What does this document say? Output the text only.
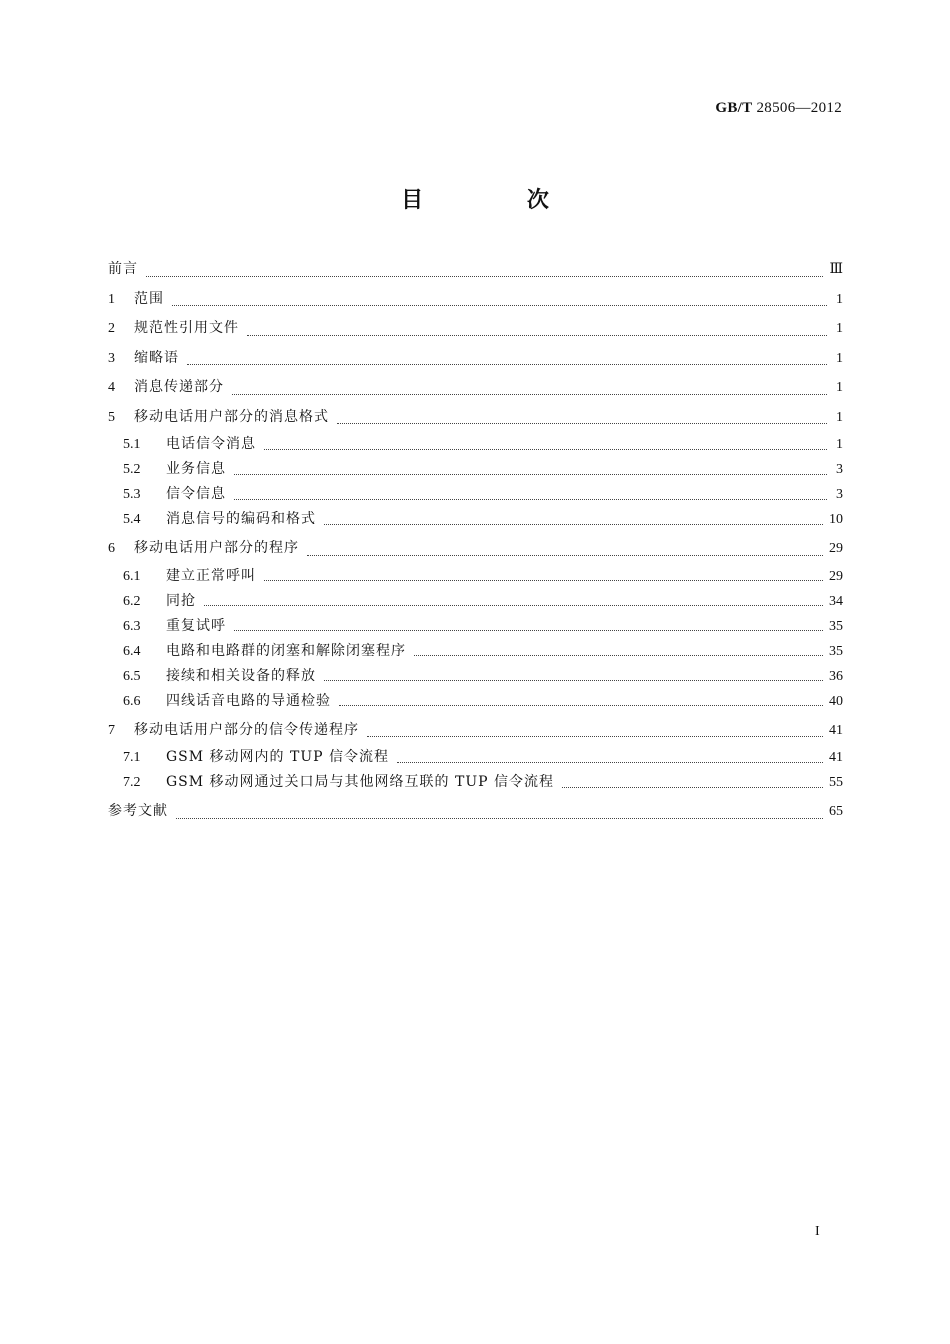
GB/T 28506—2012
目 次
前言	Ⅲ
1	范围	1
2	规范性引用文件	1
3	缩略语	1
4	消息传递部分	1
5	移动电话用户部分的消息格式	1
5.1	电话信令消息	1
5.2	业务信息	3
5.3	信令信息	3
5.4	消息信号的编码和格式	10
6	移动电话用户部分的程序	29
6.1	建立正常呼叫	29
6.2	同抢	34
6.3	重复试呼	35
6.4	电路和电路群的闭塞和解除闭塞程序	35
6.5	接续和相关设备的释放	36
6.6	四线话音电路的导通检验	40
7	移动电话用户部分的信令传递程序	41
7.1	GSM 移动网内的 TUP 信令流程	41
7.2	GSM 移动网通过关口局与其他网络互联的 TUP 信令流程	55
参考文献	65
I
